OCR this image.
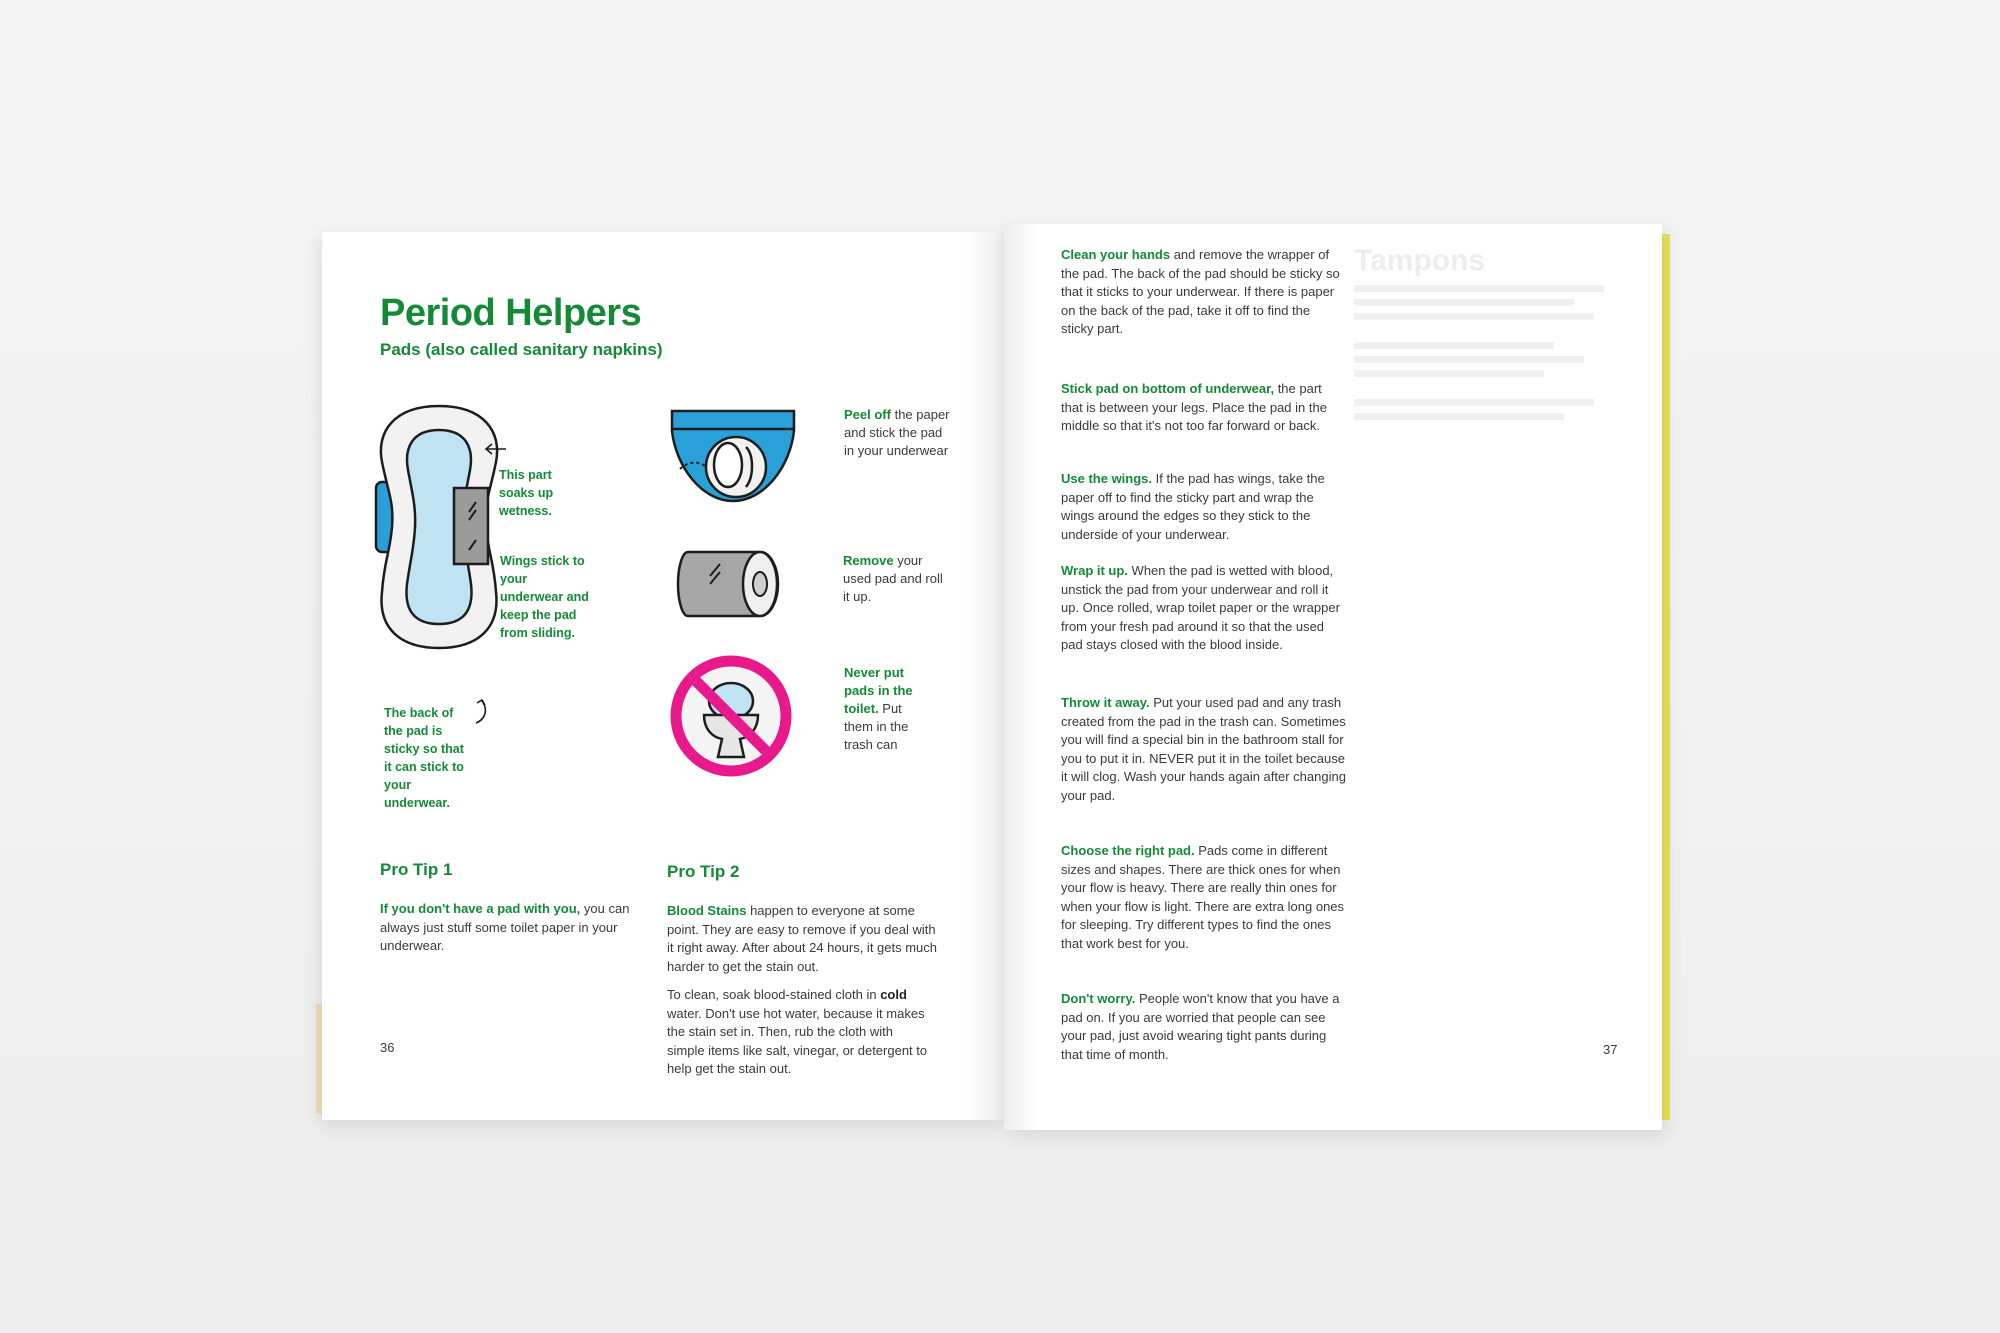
Period Helpers
Pads (also called sanitary napkins)
This part soaks up wetness.
Wings stick to your underwear and keep the pad from sliding.
The back of the pad is sticky so that it can stick to your underwear.
Peel off the paper and stick the pad in your underwear
Remove your used pad and roll it up.
Never put pads in the toilet. Put them in the trash can
Pro Tip 1
If you don't have a pad with you, you can always just stuff some toilet paper in your underwear.
Pro Tip 2
Blood Stains happen to everyone at some point. They are easy to remove if you deal with it right away. After about 24 hours, it gets much harder to get the stain out.
To clean, soak blood-stained cloth in cold water. Don't use hot water, because it makes the stain set in. Then, rub the cloth with simple items like salt, vinegar, or detergent to help get the stain out.
36
Tampons
Clean your hands and remove the wrapper of the pad. The back of the pad should be sticky so that it sticks to your underwear. If there is paper on the back of the pad, take it off to find the sticky part.
Stick pad on bottom of underwear, the part that is between your legs. Place the pad in the middle so that it's not too far forward or back.
Use the wings. If the pad has wings, take the paper off to find the sticky part and wrap the wings around the edges so they stick to the underside of your underwear.
Wrap it up. When the pad is wetted with blood, unstick the pad from your underwear and roll it up. Once rolled, wrap toilet paper or the wrapper from your fresh pad around it so that the used pad stays closed with the blood inside.
Throw it away. Put your used pad and any trash created from the pad in the trash can. Sometimes you will find a special bin in the bathroom stall for you to put it in. NEVER put it in the toilet because it will clog. Wash your hands again after changing your pad.
Choose the right pad. Pads come in different sizes and shapes. There are thick ones for when your flow is heavy. There are really thin ones for when your flow is light. There are extra long ones for sleeping. Try different types to find the ones that work best for you.
Don't worry. People won't know that you have a pad on. If you are worried that people can see your pad, just avoid wearing tight pants during that time of month.	37
